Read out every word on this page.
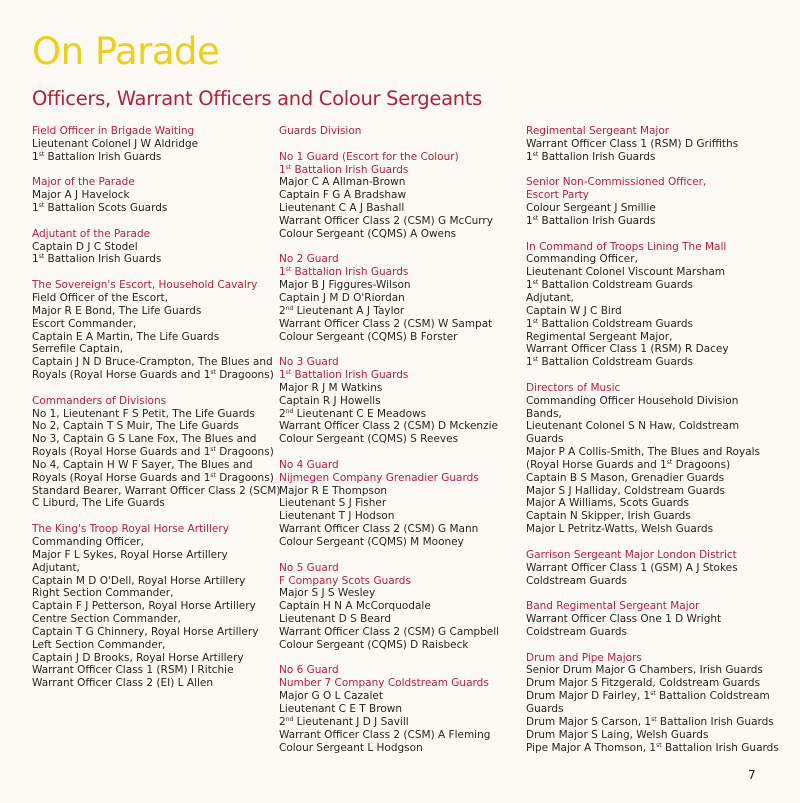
On Parade
Officers, Warrant Officers and Colour Sergeants
Field Officer in Brigade Waiting
Lieutenant Colonel J W Aldridge
1st Battalion Irish Guards
Major of the Parade
Major A J Havelock
1st Battalion Scots Guards
Adjutant of the Parade
Captain D J C Stodel
1st Battalion Irish Guards
The Sovereign's Escort, Household Cavalry
Field Officer of the Escort,
Major R E Bond, The Life Guards
Escort Commander,
Captain E A Martin, The Life Guards
Serrefile Captain,
Captain J N D Bruce-Crampton, The Blues and
Royals (Royal Horse Guards and 1st Dragoons)
Commanders of Divisions
No 1, Lieutenant F S Petit, The Life Guards
No 2, Captain T S Muir, The Life Guards
No 3, Captain G S Lane Fox, The Blues and
Royals (Royal Horse Guards and 1st Dragoons)
No 4, Captain H W F Sayer, The Blues and
Royals (Royal Horse Guards and 1st Dragoons)
Standard Bearer, Warrant Officer Class 2 (SCM)
C Liburd, The Life Guards
The King's Troop Royal Horse Artillery
Commanding Officer,
Major F L Sykes, Royal Horse Artillery
Adjutant,
Captain M D O'Dell, Royal Horse Artillery
Right Section Commander,
Captain F J Petterson, Royal Horse Artillery
Centre Section Commander,
Captain T G Chinnery, Royal Horse Artillery
Left Section Commander,
Captain J D Brooks, Royal Horse Artillery
Warrant Officer Class 1 (RSM) I Ritchie
Warrant Officer Class 2 (EI) L Allen
Guards Division
No 1 Guard (Escort for the Colour)
1st Battalion Irish Guards
Major C A Allman-Brown
Captain F G A Bradshaw
Lieutenant C A J Bashall
Warrant Officer Class 2 (CSM) G McCurry
Colour Sergeant (CQMS) A Owens
No 2 Guard
1st Battalion Irish Guards
Major B J Figgures-Wilson
Captain J M D O'Riordan
2nd Lieutenant A J Taylor
Warrant Officer Class 2 (CSM) W Sampat
Colour Sergeant (CQMS) B Forster
No 3 Guard
1st Battalion Irish Guards
Major R J M Watkins
Captain R J Howells
2nd Lieutenant C E Meadows
Warrant Officer Class 2 (CSM) D Mckenzie
Colour Sergeant (CQMS) S Reeves
No 4 Guard
Nijmegen Company Grenadier Guards
Major R E Thompson
Lieutenant S J Fisher
Lieutenant T J Hodson
Warrant Officer Class 2 (CSM) G Mann
Colour Sergeant (CQMS) M Mooney
No 5 Guard
F Company Scots Guards
Major S J S Wesley
Captain H N A McCorquodale
Lieutenant D S Beard
Warrant Officer Class 2 (CSM) G Campbell
Colour Sergeant (CQMS) D Raisbeck
No 6 Guard
Number 7 Company Coldstream Guards
Major G O L Cazalet
Lieutenant C E T Brown
2nd Lieutenant J D J Savill
Warrant Officer Class 2 (CSM) A Fleming
Colour Sergeant L Hodgson
Regimental Sergeant Major
Warrant Officer Class 1 (RSM) D Griffiths
1st Battalion Irish Guards
Senior Non-Commissioned Officer,
Escort Party
Colour Sergeant J Smillie
1st Battalion Irish Guards
In Command of Troops Lining The Mall
Commanding Officer,
Lieutenant Colonel Viscount Marsham
1st Battalion Coldstream Guards
Adjutant,
Captain W J C Bird
1st Battalion Coldstream Guards
Regimental Sergeant Major,
Warrant Officer Class 1 (RSM) R Dacey
1st Battalion Coldstream Guards
Directors of Music
Commanding Officer Household Division
Bands,
Lieutenant Colonel S N Haw, Coldstream
Guards
Major P A Collis-Smith, The Blues and Royals
(Royal Horse Guards and 1st Dragoons)
Captain B S Mason, Grenadier Guards
Major S J Halliday, Coldstream Guards
Major A Williams, Scots Guards
Captain N Skipper, Irish Guards
Major L Petritz-Watts, Welsh Guards
Garrison Sergeant Major London District
Warrant Officer Class 1 (GSM) A J Stokes
Coldstream Guards
Band Regimental Sergeant Major
Warrant Officer Class One 1 D Wright
Coldstream Guards
Drum and Pipe Majors
Senior Drum Major G Chambers, Irish Guards
Drum Major S Fitzgerald, Coldstream Guards
Drum Major D Fairley, 1st Battalion Coldstream
Guards
Drum Major S Carson, 1st Battalion Irish Guards
Drum Major S Laing, Welsh Guards
Pipe Major A Thomson, 1st Battalion Irish Guards
7
